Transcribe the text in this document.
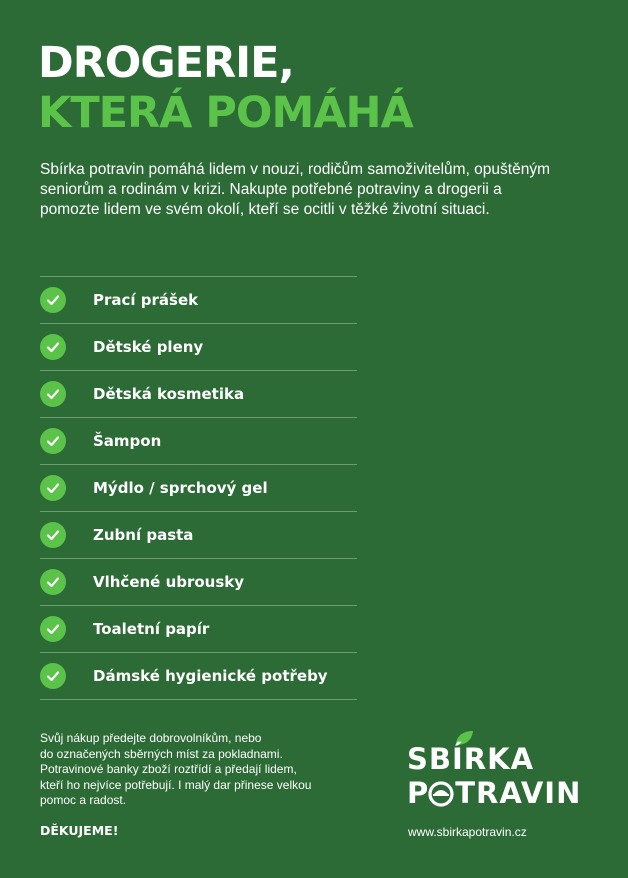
DROGERIE,
KTERÁ POMÁHÁ

Sbírka potravin pomáhá lidem v nouzi, rodičům samoživitelům, opuštěným seniorům a rodinám v krizi. Nakupte potřebné potraviny a drogerii a pomozte lidem ve svém okolí, kteří se ocitli v těžké životní situaci.

Prací prášek
Dětské pleny
Dětská kosmetika
Šampon
Mýdlo / sprchový gel
Zubní pasta
Vlhčené ubrousky
Toaletní papír
Dámské hygienické potřeby

Svůj nákup předejte dobrovolníkům, nebo
do označených sběrných míst za pokladnami.
Potravinové banky zboží roztřídí a předají lidem,
kteří ho nejvíce potřebují. I malý dar přinese velkou
pomoc a radost.

DĚKUJEME!

SBÍRKA
P TRAVIN

www.sbirkapotravin.cz
